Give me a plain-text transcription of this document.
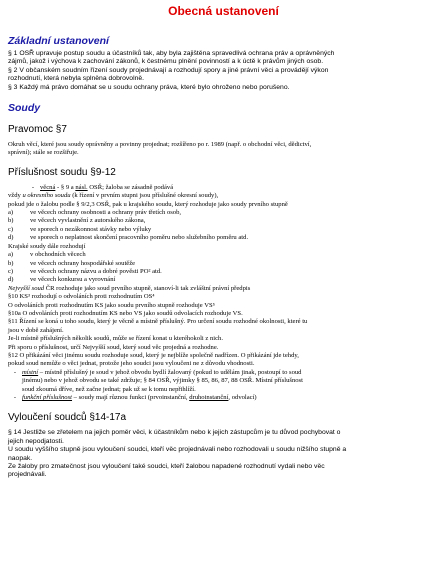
Obecná ustanovení
Základní ustanovení

§ 1 OSŘ upravuje postup soudu a účastníků tak, aby byla zajištěna spravedlivá ochrana práv a oprávněných

zájmů, jakož i výchova k zachování zákonů, k čestnému plnění povinností a k úctě k právům jiných osob.

§ 2 V občanském soudním řízení soudy projednávají a rozhodují spory a jiné právní věci a provádějí výkon

rozhodnutí, která nebyla splněna dobrovolně.

§ 3 Každý má právo domáhat se u soudu ochrany práva, které bylo ohroženo nebo porušeno.

Soudy
Pravomoc §7

Okruh věcí, které jsou soudy oprávněny a povinny projednat; rozšířeno po r. 1989 (např. o obchodní věci, dědictví,

správní); stále se rozšiřuje.

Příslušnost soudu §9-12
- věcná - § 9 a násl. OSŘ; žaloba se zásadně podává

vždy u okresního soudu (k řízení v prvním stupni jsou příslušné okresní soudy),

pokud jde o žalobu podle § 9/2,3 OSŘ, pak u krajského soudu, který rozhoduje jako soudy prvního stupně

a)	ve věcech ochrany osobnosti a ochrany práv třetích osob,
b)	ve věcech vyvlastnění z autorského zákona,
c)	ve sporech o nezákonnost stávky nebo výluky
d)	ve sporech o neplatnost skončení pracovního poměru nebo služebního poměru atd.

Krajské soudy dále rozhodují

a)	v obchodních věcech
b)	ve věcech ochrany hospodářské soutěže
c)	ve věcech ochrany názvu a dobré pověsti PO² atd.
d)	ve věcech konkursu a vyrovnání

Nejvyšší soud ČR rozhoduje jako soud prvního stupně, stanoví-li tak zvláštní právní předpis

§10 KS³ rozhodují o odvoláních proti rozhodnutím OS⁴

O odvoláních proti rozhodnutím KS jako soudu prvního stupně rozhoduje VS⁵

§10a O odvoláních proti rozhodnutím KS nebo VS jako soudů odvolacích rozhoduje VS.

§11 Řízení se koná u toho soudu, který je věcně a místně příslušný. Pro určení soudu rozhodné okolnosti, které tu

jsou v době zahájení.

Je-li místně příslušných několik soudů, může se řízení konat u kteréhokoli z nich.

Při sporu o příslušnost, určí Nejvyšší soud, který soud věc projedná a rozhodne.

§12 O přikázání věci jinému soudu rozhoduje soud, který je nejblíže společně nadřízen. O přikázání jde tehdy,

pokud soud nemůže o věci jednat, protože jeho soudci jsou vyloučeni ne z důvodu vhodnosti.

- místní – místně příslušný je soud v jehož obvodu bydlí žalovaný (pokud to udělám jinak, postoupí to soud
jinému) nebo v jehož obvodu se také zdržuje; § 84 OSŘ, výjimky § 85, 86, 87, 88 OSŘ. Místní příslušnost
soud zkoumá dříve, než začne jednat; pak už se k tomu nepřihlíží.
- funkční příslušnost – soudy mají různou funkci (prvoinstanční, druhoinstanční, odvolací)
Vyloučení soudců §14-17a

§ 14 Jestliže se zřetelem na jejich poměr věci, k účastníkům nebo k jejich zástupcům je tu důvod pochybovat o

jejich nepodjatosti.

U soudu vyššího stupně jsou vyloučení soudci, kteří věc projednávali nebo rozhodovali u soudu nižšího stupně a

naopak.

Ze žaloby pro zmatečnost jsou vyloučení také soudci, kteří žalobou napadené rozhodnutí vydali nebo věc

projednávali.
